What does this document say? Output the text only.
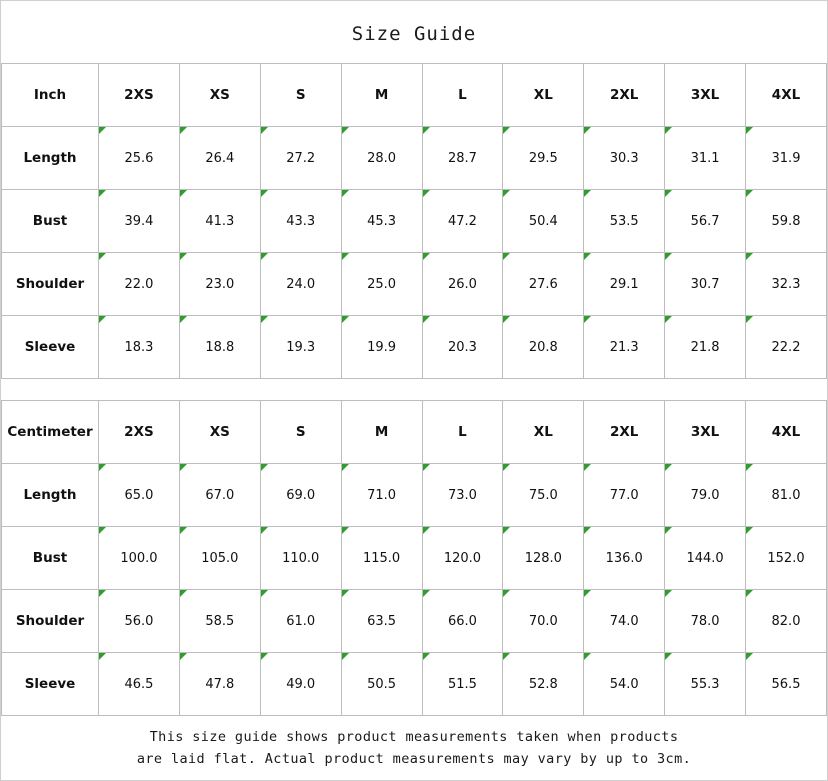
Size Guide
Inch	2XS	XS	S	M	L	XL	2XL	3XL	4XL
Length	25.6	26.4	27.2	28.0	28.7	29.5	30.3	31.1	31.9
Bust	39.4	41.3	43.3	45.3	47.2	50.4	53.5	56.7	59.8
Shoulder	22.0	23.0	24.0	25.0	26.0	27.6	29.1	30.7	32.3
Sleeve	18.3	18.8	19.3	19.9	20.3	20.8	21.3	21.8	22.2
Centimeter	2XS	XS	S	M	L	XL	2XL	3XL	4XL
Length	65.0	67.0	69.0	71.0	73.0	75.0	77.0	79.0	81.0
Bust	100.0	105.0	110.0	115.0	120.0	128.0	136.0	144.0	152.0
Shoulder	56.0	58.5	61.0	63.5	66.0	70.0	74.0	78.0	82.0
Sleeve	46.5	47.8	49.0	50.5	51.5	52.8	54.0	55.3	56.5
This size guide shows product measurements taken when products
are laid flat. Actual product measurements may vary by up to 3cm.
